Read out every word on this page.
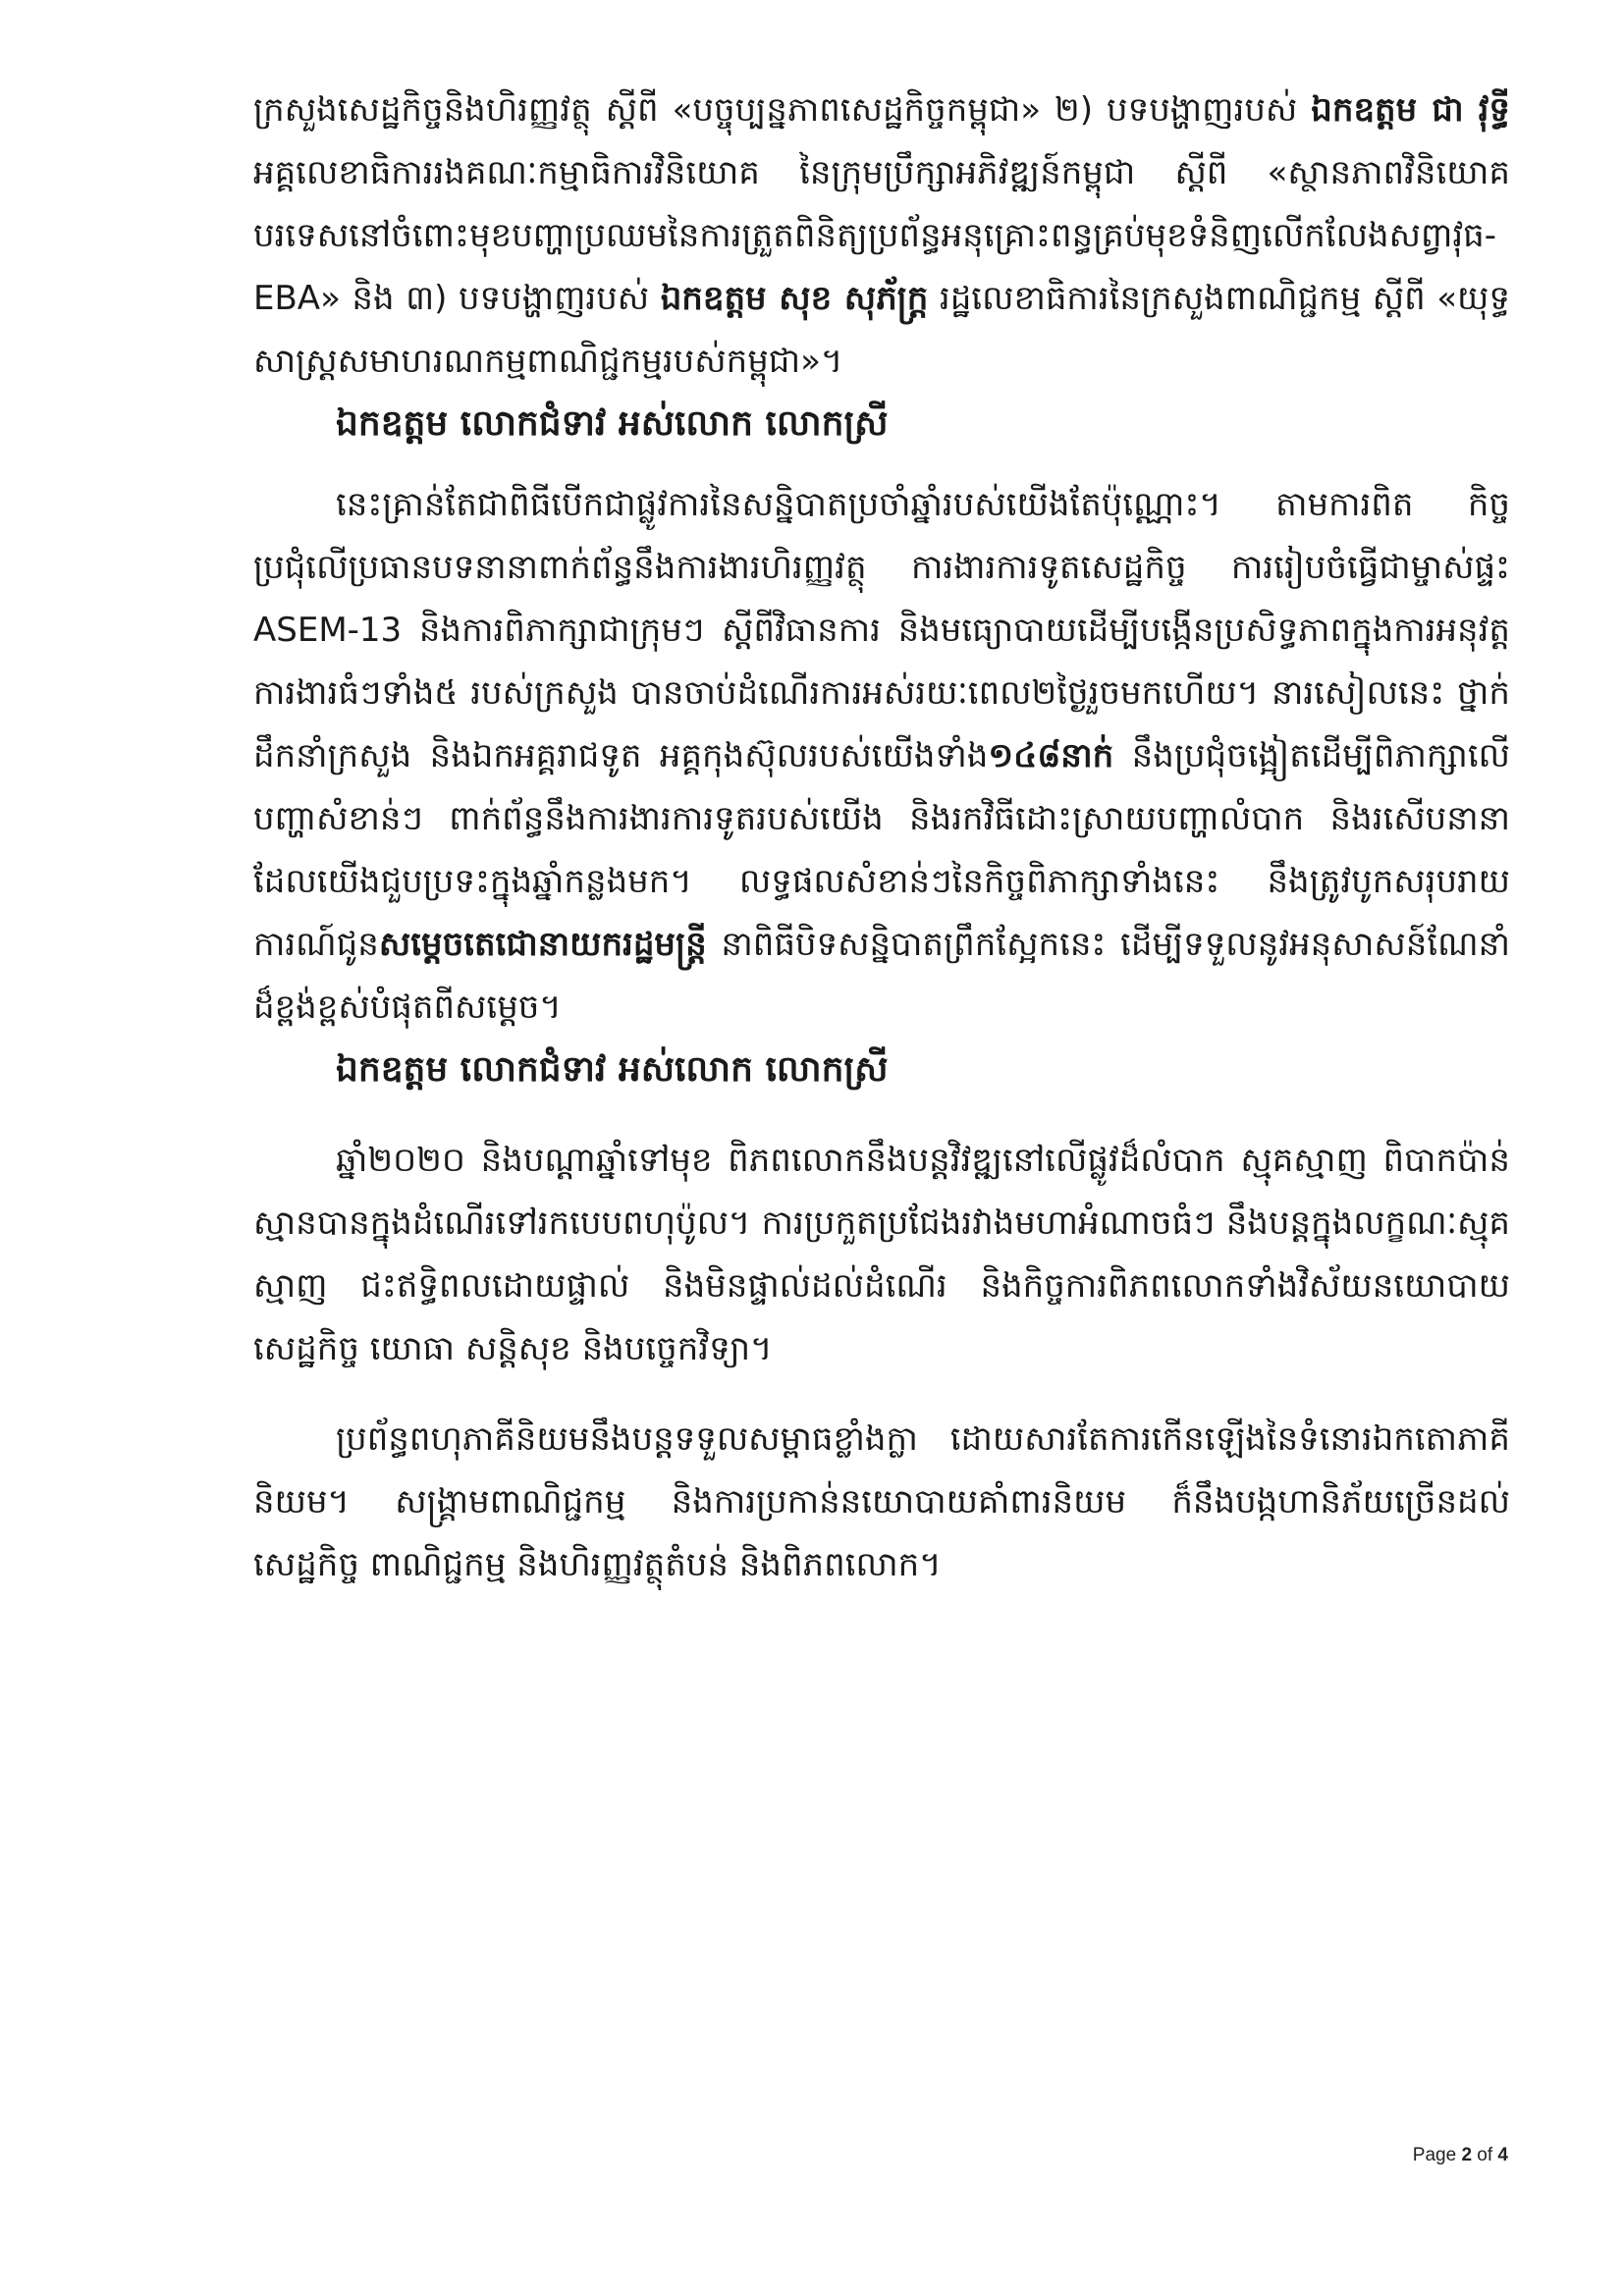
ក្រសួងសេដ្ឋកិច្ចនិងហិរញ្ញវត្ថុ ស្ដីពី «បច្ចុប្បន្នភាពសេដ្ឋកិច្ចកម្ពុជា» ២) បទបង្ហាញរបស់ ឯកឧត្តម ជា វុទ្ធី អគ្គលេខាធិការរងគណៈកម្មាធិការវិនិយោគ នៃក្រុមប្រឹក្សាអភិវឌ្ឍន៍កម្ពុជា ស្ដីពី «ស្ថានភាពវិនិយោគបរទេសនៅចំពោះមុខបញ្ហាប្រឈមនៃការត្រួតពិនិត្យប្រព័ន្ធអនុគ្រោះពន្ធគ្រប់មុខទំនិញលើកលែងសព្វាវុធ-EBA» និង ៣) បទបង្ហាញរបស់ ឯកឧត្តម សុខ សុភ័ក្ត្រ រដ្ឋលេខាធិការនៃក្រសួងពាណិជ្ជកម្ម ស្ដីពី «យុទ្ធសាស្ត្រសមាហរណកម្មពាណិជ្ជកម្មរបស់កម្ពុជា»។

ឯកឧត្តម លោកជំទាវ អស់លោក លោកស្រី

នេះគ្រាន់តែជាពិធីបើកជាផ្លូវការនៃសន្និបាតប្រចាំឆ្នាំរបស់យើងតែប៉ុណ្ណោះ។ តាមការពិត កិច្ចប្រជុំលើប្រធានបទនានាពាក់ព័ន្ធនឹងការងារហិរញ្ញវត្ថុ ការងារការទូតសេដ្ឋកិច្ច ការរៀបចំធ្វើជាម្ចាស់ផ្ទះ ASEM-13 និងការពិភាក្សាជាក្រុមៗ ស្ដីពីវិធានការ និងមធ្យោបាយដើម្បីបង្កើនប្រសិទ្ធភាពក្នុងការអនុវត្តការងារធំៗទាំង៥ របស់ក្រសួង បានចាប់ដំណើរការអស់រយៈពេល២ថ្ងៃរួចមកហើយ។ នារសៀលនេះ ថ្នាក់ដឹកនាំក្រសួង និងឯកអគ្គរាជទូត អគ្គកុងស៊ុលរបស់យើងទាំង១៤៨នាក់ នឹងប្រជុំចង្អៀតដើម្បីពិភាក្សាលើបញ្ហាសំខាន់ៗ ពាក់ព័ន្ធនឹងការងារការទូតរបស់យើង និងរកវិធីដោះស្រាយបញ្ហាលំបាក និងរសើបនានាដែលយើងជួបប្រទះក្នុងឆ្នាំកន្លងមក។ លទ្ធផលសំខាន់ៗនៃកិច្ចពិភាក្សាទាំងនេះ នឹងត្រូវបូកសរុបរាយការណ៍ជូនសម្ដេចតេជោនាយករដ្ឋមន្ត្រី នាពិធីបិទសន្និបាតព្រឹកស្អែកនេះ ដើម្បីទទួលនូវអនុសាសន៍ណែនាំដ៏ខ្ពង់ខ្ពស់បំផុតពីសម្ដេច។

ឯកឧត្តម លោកជំទាវ អស់លោក លោកស្រី

ឆ្នាំ២០២០ និងបណ្ដាឆ្នាំទៅមុខ ពិភពលោកនឹងបន្តវិវឌ្ឍនៅលើផ្លូវដ៏លំបាក ស្មុគស្មាញ ពិបាកប៉ាន់ស្មានបានក្នុងដំណើរទៅរកបេបពហុប៉ូល។ ការប្រកួតប្រជែងរវាងមហាអំណាចធំៗ នឹងបន្តក្នុងលក្ខណៈស្មុគស្មាញ ជះឥទ្ធិពលដោយផ្ទាល់ និងមិនផ្ទាល់ដល់ដំណើរ និងកិច្ចការពិភពលោកទាំងវិស័យនយោបាយ សេដ្ឋកិច្ច យោធា សន្តិសុខ និងបច្ចេកវិទ្យា។

ប្រព័ន្ធពហុភាគីនិយមនឹងបន្តទទួលសម្ពាធខ្លាំងក្លា ដោយសារតែការកើនឡើងនៃទំនោរឯកតោភាគីនិយម។ សង្គ្រាមពាណិជ្ជកម្ម និងការប្រកាន់នយោបាយគាំពារនិយម ក៏នឹងបង្កហានិភ័យច្រើនដល់សេដ្ឋកិច្ច ពាណិជ្ជកម្ម និងហិរញ្ញវត្ថុតំបន់ និងពិភពលោក។

Page 2 of 4
